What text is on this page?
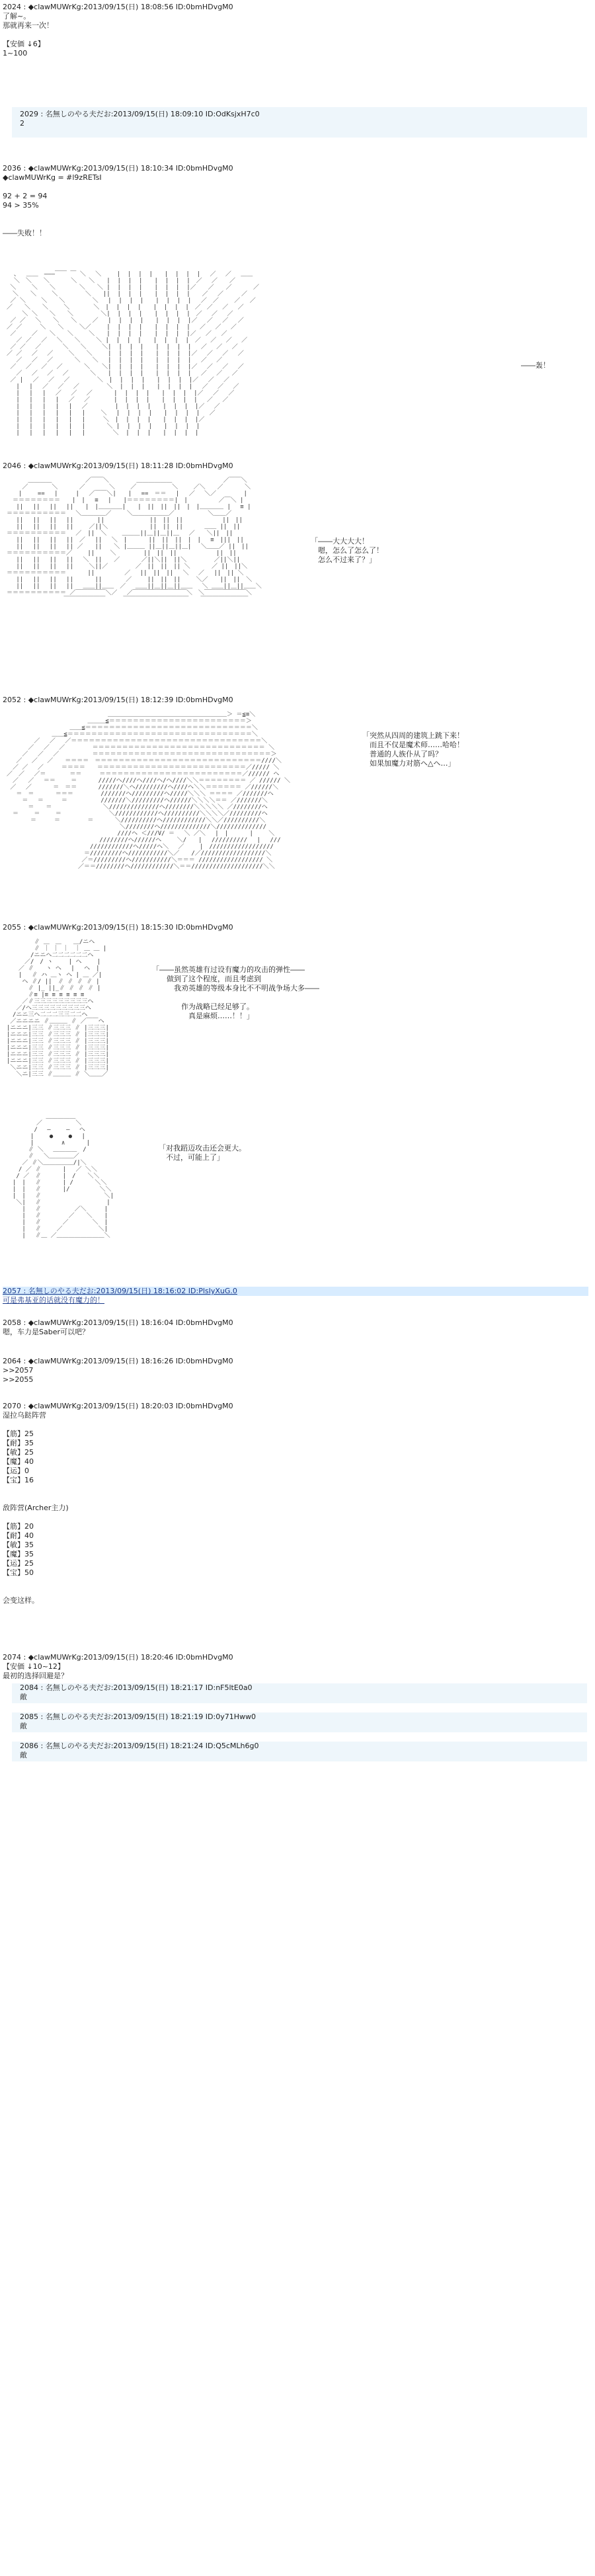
2024 : ◆clawMUWrKg:2013/09/15(日) 18:08:56 ID:0bmHDvgM0
了解~。
那就再来一次！

【安価 ↓6】
1~100
2029 : 名無しのやる夫だお:2013/09/15(日) 18:09:10 ID:OdKsjxH7c0
2
2036 : ◆clawMUWrKg:2013/09/15(日) 18:10:34 ID:0bmHDvgM0
◆clawMUWrKg = #l9zRETsI

92 + 2 = 94
94 > 35%

――失败！！
、　 ＿＿　―――￣￣ ￣ ＼　 ＼　　 |  |  |  |　　|  |  |  |　 ／　 ／　 ＿＿
＼　＼　　＼　　　 ＼　　＼　　|  |  |  |　　|  |  |  |　／　 ／　　／
＼　　 ＼　　＼　　　　＼　　＼ |  |  |  |　　|  |  |  |／　　／　　／　　　 ／
　＼　　＼　　 ＼　　　　 ＼　　||  |  |  |　　|  |  |  |　　／　 ／　　　／
／ ＼　　 ＼　　＼　　　　 ＼　 |  |  |  |　　|  |  |  |　 ／　／　　 ／　 ／
／　　＼　　＼　　 ＼　　　　＼　|  |  |  |　　|  |  |  |　／　／　 ／　 ／
　　 ＼ ＼　　＼　　＼　　　　 ＼|  |  |  |　　|  |  |  |　／　 ／　 ／
／ ／　 ＼　　＼　　＼　　 ／　 |  |  |  |　　|  |  |  |／　 ／　 ／　 ／
／ ／　　　＼　　＼　　 ＼／　　 |  |  |  |　　|  |  |  |　 ／　 ／　 ／
／　　 ／　　＼　　＼　　 ＼　　|  |  |  |　　|  |  |  |／　 ／　 ／
　 ／ ／　 ／　 ＼　　＼　　 ＼ |  |  |  |　　|  |  |  |　／　 ／　 ／　 ／
／ ／　 ／　　　 ＼　　＼　　 ＼|  |  |  |　　|  |  |  |　 ／　 ／　 ／
／ ／　 ／　 ／　　 ＼　　＼　　 |  |  |  |　　|  |  |  |／　 ／　 ／　 ／
　 ／　 ／　 ／　　　 ＼　　＼　 |  |  |  |　　|  |  |  |　 ／　 ／
／　 ／　 ／　 ／　　　 ＼　　＼|  |  |  |　　|  |  |  |／　 ／　 ／　 ／
　 ／　 ／　 ／　 ／　　　 ＼　　|  |  |  |　　|  |  |  |　 ／　 ／　 ／
／ |　 ／　 ／　 ／　　　　 ＼　|  |  |  |　　|  |  |  |／　 ／　 ／
　 |　 |　 ／　 ／　 ／　　　　 ＼  |  |  |　　|  |  |  |　 ／　 ／　 ／
　 |　 |　 |　 ／　 ／　 ／　　　 |  |  |  |　　|  |  |  |／　 ／　 ／
　 |　 |　 |　 |　 ／　 ／　　　　|  |  |  |　　|  |  |  |　 ／　 ／
　 |　 |　 |　 |　 |　 ／　　　　 |  |  |  |　　|  |  |  |／　 ／
　 |　 |　 |　 |　 |　 |　　 ＼　 |  |  |  |　　|  |  |  |　 ／
　 |　 |　 |　 |　 |　 |　　　＼　|  |  |  |　　|  |  |  |／
　 |　 |　 |　 |　 |　 |　　　 ＼ |  |  |  |　　|  |  |  |
　 |　 |　 |　 |　 |　 |　　　　 ＼  |  |  |　　|  |  |  |
――轰！
2046 : ◆clawMUWrKg:2013/09/15(日) 18:11:28 ID:0bmHDvgM0
　　　 ＿＿＿＿　　　　　 ／￣￣＼　　　　 ＿＿＿＿＿＿　　　　　　　　 ／￣￣＼
　　 ／　　　　＼　　　 ／　　　　＼　　 ／　　　　　　＼　　 ／＼　　／　　　 ＼
　　|　　 ==　 |　　　|　 ／￣￣＼|　　|　 ==　＝＝　 |　 ／　 ＼／　　　 　|
　＝＝＝＝＝＝＝＝　　|　|　 ≡ 　|　　|＝＝＝＝＝＝＝＝|　|　　　 　 ／￣＼ |
　 ||　 ||　 ||　 ||　　|　|＿＿＿＿|　　|　||　||　||　|　|＿＿＿＿ |　 ≡ |
＝＝＝＝＝＝＝＝＝＝　 ＼＿＿＿＿／　　 ＼＿＿＿＿＿＿／　　　　　 ＼＿＿／
　 ||　 ||　 ||　 ||　　　　||　　　　　　　 ||　||　||　　　　　　 ||　||
　 ||　 ||　 ||　 ||　　 ／||＼　　　　　　　||　||　||　　　 ＿＿ ||　||
＝＝＝＝＝＝＝＝＝＝　 ／　||　＼　　 ＿＿＿||＿||＿||＿　 ／　　＼||　||
　 ||　 ||　 ||　 ||　／　 ||　 ＼　|　　　 ||　||　||　|　|　 ≡　|||　||
　 ||　 ||　 ||　 || ／　　||　　＼ |＿＿＿ ||＿||＿||＿|　 ＼＿＿／ ||　||
＝＝＝＝＝＝＝＝＝＝／　　 ||　　 ＼　　　　 ||　||　||　　　　　　 ||　||
　 ||　 ||　 ||　 ||　 ＼　||　　／　　　 ／||＼||　||＼　　　　 ／||＼||
　 ||　 ||　 ||　 ||　　 ＼||／　　　　 ／　||　||　|| ＼　　　 ／ ||　||＼
＝＝＝＝＝＝＝＝＝＝　　　 ||　　　　　／　 ||　||　||　 ＼　 ／　 ||　|| ＼
　 ||　 ||　 ||　 ||　　　 ||　　　　／　　 ||　||　||　　 ＼／　　||　||　＼
　 ||　 ||　 ||　 ||　 ＿＿||＿＿　／　 ＿＿||＿||＿||＿＿　 ＼ ＿＿||＿||＿＿＼
＝＝＝＝＝＝＝＝＝＝ ／￣￣￣￣￣＼／　 ／￣￣￣￣￣￣￣￣￣＼　＼￣￣￣￣￣￣￣＼
　　　　　　　　　 ￣￣￣￣￣￣￣　　　￣￣￣￣￣￣￣￣￣￣￣　　￣￣￣￣￣￣￣￣
「――大大大大！
　嗯，怎么了怎么了！
　怎么不过来了？」
2052 : ◆clawMUWrKg:2013/09/15(日) 18:12:39 ID:0bmHDvgM0
　　　　　　　　　　　　　　　　　＿＿＿＿＿＿＿＿＿＿＿＿＿＿＿＿＿＿＿＿＞ ＝≦≡＼
　　　　　　　　　　　　　 ＿＿＿≦＝＝＝＝＝＝＝＝＝＝＝＝＝＝＝＝＝＝＝＝＝＝＝＞
　　　　　　　　　　 ＿＿≦＝＝＝＝＝＝＝＝＝＝＝＝＝＝＝＝＝＝＝＝＝＝＝＝＝＝＝＝＼
　　　　　　　 ＿＿≦＝＝＝＝＝＝＝＝＝＝＝＝＝＝＝＝＝＝＝＝＝＝＝＝＝＝＝＝＝＝＝＼
　　　　 ／　 ／　 ／＝＝＝＝＝＝＝＝＝＝＝＝＝＝＝＝＝＝＝＝＝＝＝＝＝＝＝＝＝＝＝＝＼
　　　 ／　 ／　 ／　　　　 ＝＝＝＝＝＝＝＝＝＝＝＝＝＝＝＝＝＝＝＝＝＝＝＝＝＝＝＝＝ ＼
　　 ／　 ／　 ／　　　　　 ＝＝＝＝＝＝＝＝＝＝＝＝＝＝＝＝＝＝＝＝＝＝＝＝＝＝＝＝＝＝＞
　 ／　 ／　 ／　　＝＝＝＝　＝＝＝＝＝＝＝＝＝＝＝＝＝＝＝＝＝＝＝＝＝＝＝＝＝＝＝＝////＼
　／ ／　 ／　　　＝＝＝＝　　＝＝＝＝＝＝＝＝＝＝＝＝＝＝＝＝＝＝＝＝＝＝＝＝＝／///// ＼
／　／　 ／＝　　　　＝＝　　　＝＝＝＝＝＝＝＝＝＝＝＝＝＝＝＝＝＝＝＝＝＝＝＝／////// ヘ
　／　 ／　 ＝＝　　 ＝　　　 /////ヘ////ヘ////ヘ/ヘ////＼＼＝＝＝＝＝＝＝＝ ／ ////// ＼
／　 ／　　　 ＝　＝＝　　　 ///////＼ヘ/////////ヘ////ヘ＼＼＝＝＝＝＝＝ ／//////＼
　 ＝　＝　　　 ＝＝＝　　　　 ///////ヘ/////////ヘ/////＼＼＼ ＝＝＝＝ ／///////ヘ
　　 ＝　 ＝　　　＝　　　　　 ///////＼/////////ヘ//////＼＼＼＼＝＝ ／///////＼
　　　 ＝　　＝　　　　　　　　 ＼//////////////ヘ////////＼＼＼＼＼ ／////////ヘ
　＝　　 ＝　　 ＝　　　　　　　　＼////////////ヘ//////////＼＼＼＼／/////////ヘ
　　　　＝　　　＝　　　　 ＝　　　 ＼//////////ヘ////////////＼＼／//////////＼
　　　　　　　　　　　　　　　　　　　＼////////ヘ//////////////＼//////////////
　　　　　　　　　　　　　　　　　　 ////ヘ ＜///V/ ＝　 ＼ ／＼　 |　| 　　　|　　 ＼
　　　　　　　　　　　　　　　 ////////ヘ//////ヘ　　 ＼/　　|　 //////////　 |　 ///
　　　　　　　　　　　　　　////////////ヘ/////ヘ＼　 ／　　 |　//////////////////
　　　　　　　　　　　　　＝/////////ヘ///////////＼／　　/／//////////////////＼
　　　　　　　　　　　　 ／＝/////////ヘ///////////＼＝＝＝ ////////////////// ＼
　　　　　　　　　　　　／＝＝////////ヘ////////////＼＝＝////////////////////＼＼
「突然从四周的建筑上跳下来！
　而且不仅是魔术师……哈哈！
　普通的人族仆从了吗？
　如果加魔力对筋ヘ△ヘ…」
2055 : ◆clawMUWrKg:2013/09/15(日) 18:15:30 ID:0bmHDvgM0
　　　　 ∥ ＿　＿　　＿/ニヘ
　　　　 ∥ ｜ ｜ ｜　｜ ＿ ＿ |
　　　　/ニニヘ二二二二二二ヘ
　　　／/　/ ヽ　　 | ヘ　　 |
　　／ ∥　　ヽ ヘ　 |　 ヘ　|
　　|　 ∥ ハ ＿ヽ ヘ | ＿ ／|
　　 ヘ ∥/ ||　∥ ∥ ∥ ∥ |
　　　 ∥ |_ ||_∥ ∥ ∥ ∥ |
　　　 ∥≡ |≡ ≡ ≡ ≡ ≡ ≡
　　 ／∥三三三三三三三三三ヘ
　 ／/ヘ三三三三三三三三三ヘ
　/ニニ三ヘ二二二三三二二ヘ
／ニニニニ ∥＿＿＿ ∥ ／￣￣ヘ
|ニニニ|三三 ∥三三三 ∥ |三三三|
|ニニニ|三三 ∥三三三 ∥ |三三三|
|ニニニ|三三 ∥三三三 ∥ |三三三|
|ニニニ|三三 ∥三三三 ∥ |三三三|
|ニニニ|三三 ∥三三三 ∥ |三三三|
|ニニニ|三三 ∥三三三 ∥ |三三三|
＼ニニ|三三 ∥三三三 ∥ |三三三|
　 ＼ニ|三三 ∥＿＿＿ ∥ ＼＿＿／
「――虽然英雄有过设有魔力的攻击的弹性――
　　做到了这个程度，而且考虑到
　　　我劝英雄的等级本身比不不明战争场大多――

　　　　作为战略已经足够了。
　　　　　真是麻烦……！！」
　　　　　　 ＿＿＿＿＿
　　　　　／　　　　　 ＼
　　　　 /　 ―　　 ―　 ヘ
　　　　|　　 ●　　 ●　 |
　　　　|　　　　 ∧　　　 |
　　　 ∥ ＼　 ＿＿＿＿　/
　　　 ∥　 ＼＿＿＿＿／
　　 ／ ∥＼＿＿＿＿＿/|＼
　　/ ／ ∥　　　 |　 ／ ＼＼
　 / ／　∥　　　 |　/　　＼＼
　|　|　 ∥　　　 | /　　　 ＼＼
　|　|　 ∥　　　 |/　　　　　＼＼
　|　|　 ∥　　　　　　　　　　 ＼|
　 ＼|　 ∥　　　　　　　　　　　|
　　 |　 ∥　　　　　 ／＼　　　|
　　 |　 ∥　　　　 ／　　＼　　|
　　 |　 ∥　　　 ／　　　　＼　|
　　 |　 ∥　　 ／　　　　　　＼|
　　 |　 ∥＿ ／＿＿＿＿＿＿＿＿＼
「对我蹈迈攻击还会更大。
　不过，可能上了」
2057 : 名無しのやる夫だお:2013/09/15(日) 18:16:02 ID:PlsIyXuG.0
可是弗基亚的话就没有魔力的！
2058 : ◆clawMUWrKg:2013/09/15(日) 18:16:04 ID:0bmHDvgM0
嗯，车力是Saber可以吧？
2064 : ◆clawMUWrKg:2013/09/15(日) 18:16:26 ID:0bmHDvgM0
>>2057
>>2055
2070 : ◆clawMUWrKg:2013/09/15(日) 18:20:03 ID:0bmHDvgM0
湿拉乌跶阵营

【筋】25
【耐】35
【敏】25
【魔】40
【运】0
【宝】16

敌阵营(Archer主力)

【筋】20
【耐】40
【敏】35
【魔】35
【运】25
【宝】50

会变这样。
2074 : ◆clawMUWrKg:2013/09/15(日) 18:20:46 ID:0bmHDvgM0
【安価 ↓10~12】
最初的选择回避是？
2084 : 名無しのやる夫だお:2013/09/15(日) 18:21:17 ID:nF5ltE0a0
敵
2085 : 名無しのやる夫だお:2013/09/15(日) 18:21:19 ID:0y71Hww0
敵
2086 : 名無しのやる夫だお:2013/09/15(日) 18:21:24 ID:Q5cMLh6g0
敵
